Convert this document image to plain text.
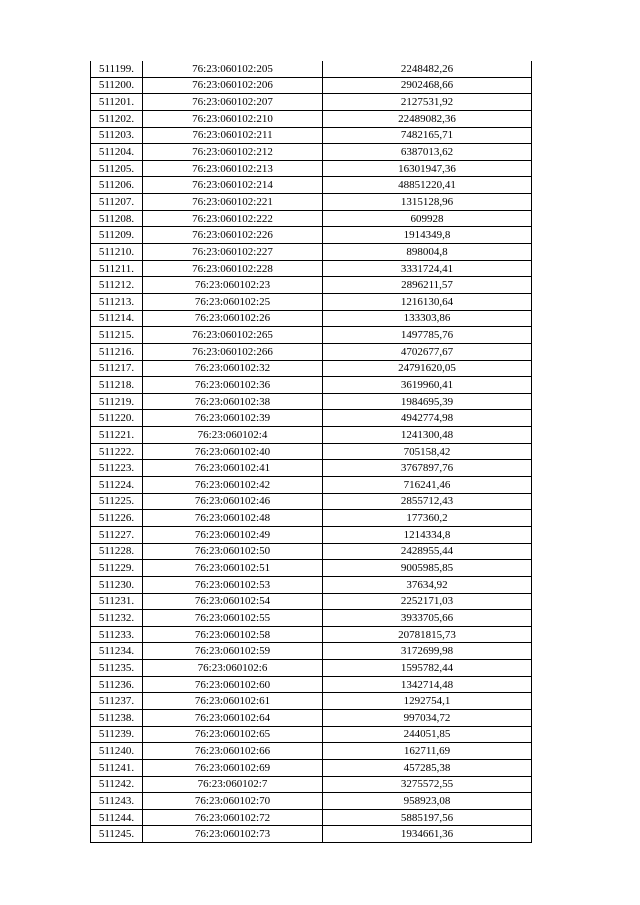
511199.	76:23:060102:205	2248482,26
511200.	76:23:060102:206	2902468,66
511201.	76:23:060102:207	2127531,92
511202.	76:23:060102:210	22489082,36
511203.	76:23:060102:211	7482165,71
511204.	76:23:060102:212	6387013,62
511205.	76:23:060102:213	16301947,36
511206.	76:23:060102:214	48851220,41
511207.	76:23:060102:221	1315128,96
511208.	76:23:060102:222	609928
511209.	76:23:060102:226	1914349,8
511210.	76:23:060102:227	898004,8
511211.	76:23:060102:228	3331724,41
511212.	76:23:060102:23	2896211,57
511213.	76:23:060102:25	1216130,64
511214.	76:23:060102:26	133303,86
511215.	76:23:060102:265	1497785,76
511216.	76:23:060102:266	4702677,67
511217.	76:23:060102:32	24791620,05
511218.	76:23:060102:36	3619960,41
511219.	76:23:060102:38	1984695,39
511220.	76:23:060102:39	4942774,98
511221.	76:23:060102:4	1241300,48
511222.	76:23:060102:40	705158,42
511223.	76:23:060102:41	3767897,76
511224.	76:23:060102:42	716241,46
511225.	76:23:060102:46	2855712,43
511226.	76:23:060102:48	177360,2
511227.	76:23:060102:49	1214334,8
511228.	76:23:060102:50	2428955,44
511229.	76:23:060102:51	9005985,85
511230.	76:23:060102:53	37634,92
511231.	76:23:060102:54	2252171,03
511232.	76:23:060102:55	3933705,66
511233.	76:23:060102:58	20781815,73
511234.	76:23:060102:59	3172699,98
511235.	76:23:060102:6	1595782,44
511236.	76:23:060102:60	1342714,48
511237.	76:23:060102:61	1292754,1
511238.	76:23:060102:64	997034,72
511239.	76:23:060102:65	244051,85
511240.	76:23:060102:66	162711,69
511241.	76:23:060102:69	457285,38
511242.	76:23:060102:7	3275572,55
511243.	76:23:060102:70	958923,08
511244.	76:23:060102:72	5885197,56
511245.	76:23:060102:73	1934661,36
